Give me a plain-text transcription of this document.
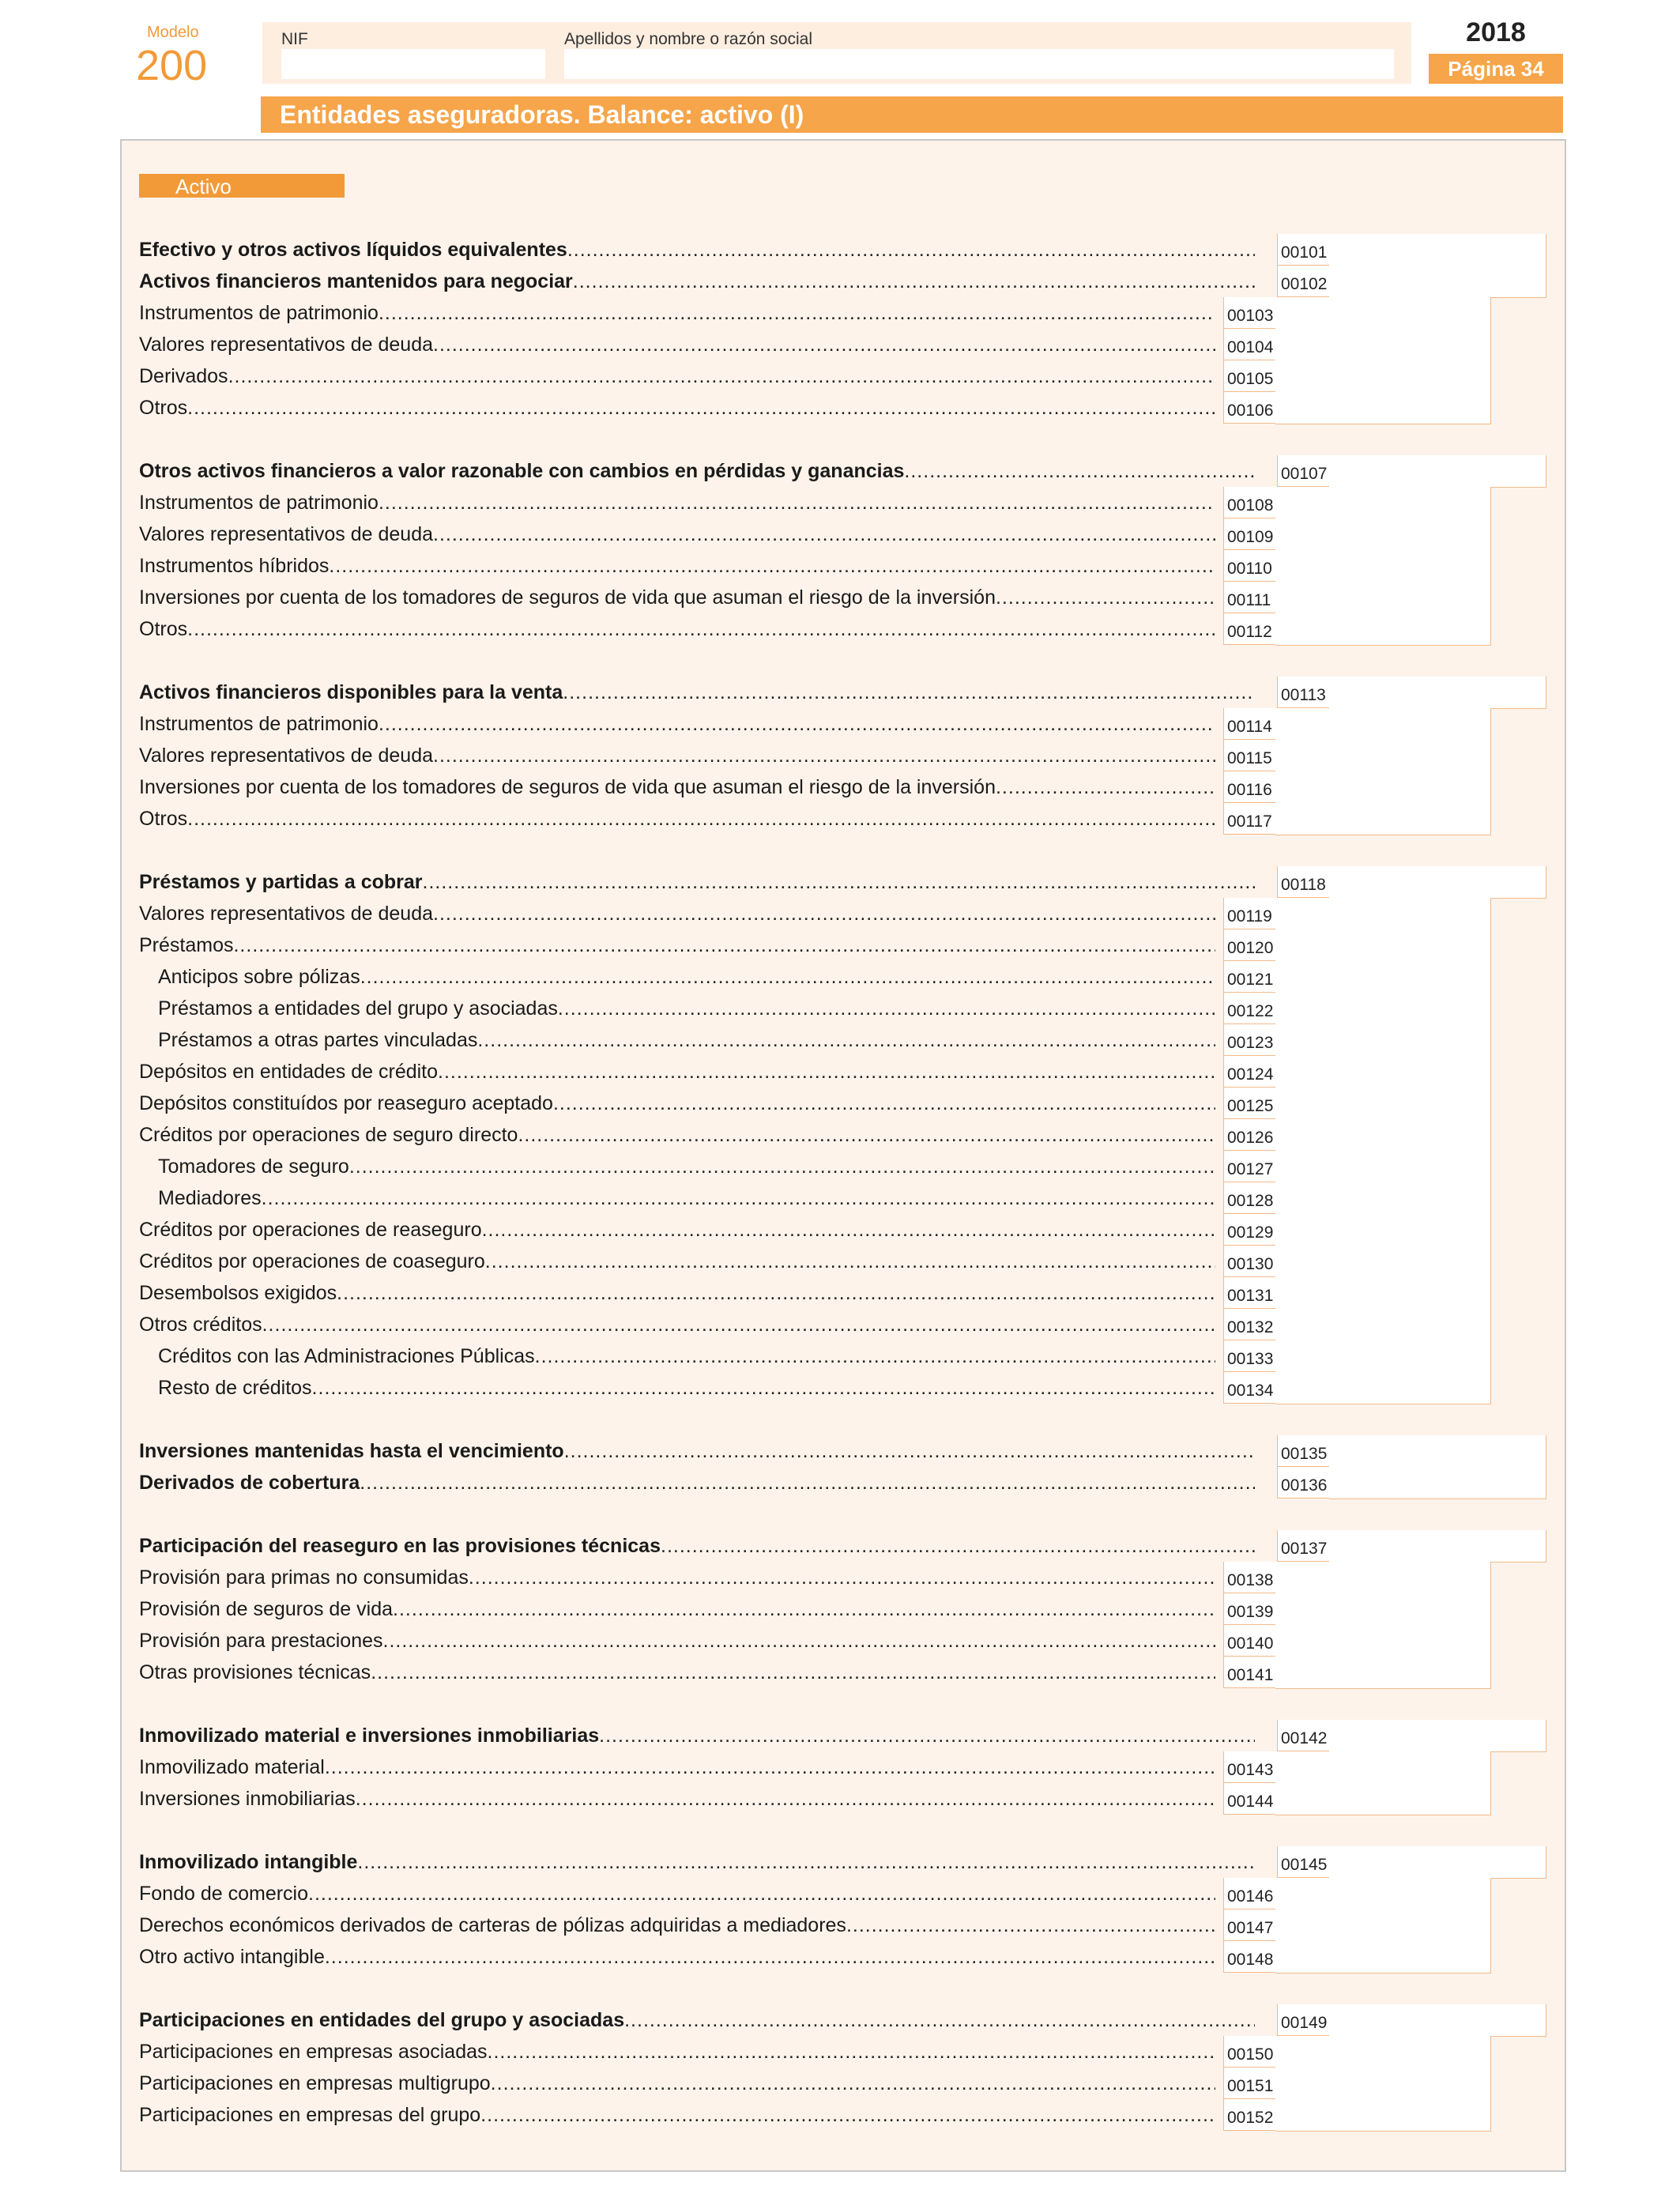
Modelo
200
NIF	Apellidos y nombre o razón social	2018
Página 34
Entidades aseguradoras. Balance: activo (I)
Activo
Efectivo y otros activos líquidos equivalentes .....	00101
Activos financieros mantenidos para negociar .....	00102
Instrumentos de patrimonio .....	00103
Valores representativos de deuda .....	00104
Derivados .....	00105
Otros .....	00106
Otros activos financieros a valor razonable con cambios en pérdidas y ganancias .....	00107
Instrumentos de patrimonio .....	00108
Valores representativos de deuda .....	00109
Instrumentos híbridos .....	00110
Inversiones por cuenta de los tomadores de seguros de vida que asuman el riesgo de la inversión .....	00111
Otros .....	00112
Activos financieros disponibles para la venta .....	00113
Instrumentos de patrimonio .....	00114
Valores representativos de deuda .....	00115
Inversiones por cuenta de los tomadores de seguros de vida que asuman el riesgo de la inversión .....	00116
Otros .....	00117
Préstamos y partidas a cobrar .....	00118
Valores representativos de deuda .....	00119
Préstamos .....	00120
Anticipos sobre pólizas .....	00121
Préstamos a entidades del grupo y asociadas .....	00122
Préstamos a otras partes vinculadas .....	00123
Depósitos en entidades de crédito .....	00124
Depósitos constituídos por reaseguro aceptado .....	00125
Créditos por operaciones de seguro directo .....	00126
Tomadores de seguro .....	00127
Mediadores .....	00128
Créditos por operaciones de reaseguro .....	00129
Créditos por operaciones de coaseguro .....	00130
Desembolsos exigidos .....	00131
Otros créditos .....	00132
Créditos con las Administraciones Públicas .....	00133
Resto de créditos .....	00134
Inversiones mantenidas hasta el vencimiento .....	00135
Derivados de cobertura .....	00136
Participación del reaseguro en las provisiones técnicas .....	00137
Provisión para primas no consumidas .....	00138
Provisión de seguros de vida .....	00139
Provisión para prestaciones .....	00140
Otras provisiones técnicas .....	00141
Inmovilizado material e inversiones inmobiliarias .....	00142
Inmovilizado material .....	00143
Inversiones inmobiliarias .....	00144
Inmovilizado intangible .....	00145
Fondo de comercio .....	00146
Derechos económicos derivados de carteras de pólizas adquiridas a mediadores .....	00147
Otro activo intangible .....	00148
Participaciones en entidades del grupo y asociadas .....	00149
Participaciones en empresas asociadas .....	00150
Participaciones en empresas multigrupo .....	00151
Participaciones en empresas del grupo .....	00152
